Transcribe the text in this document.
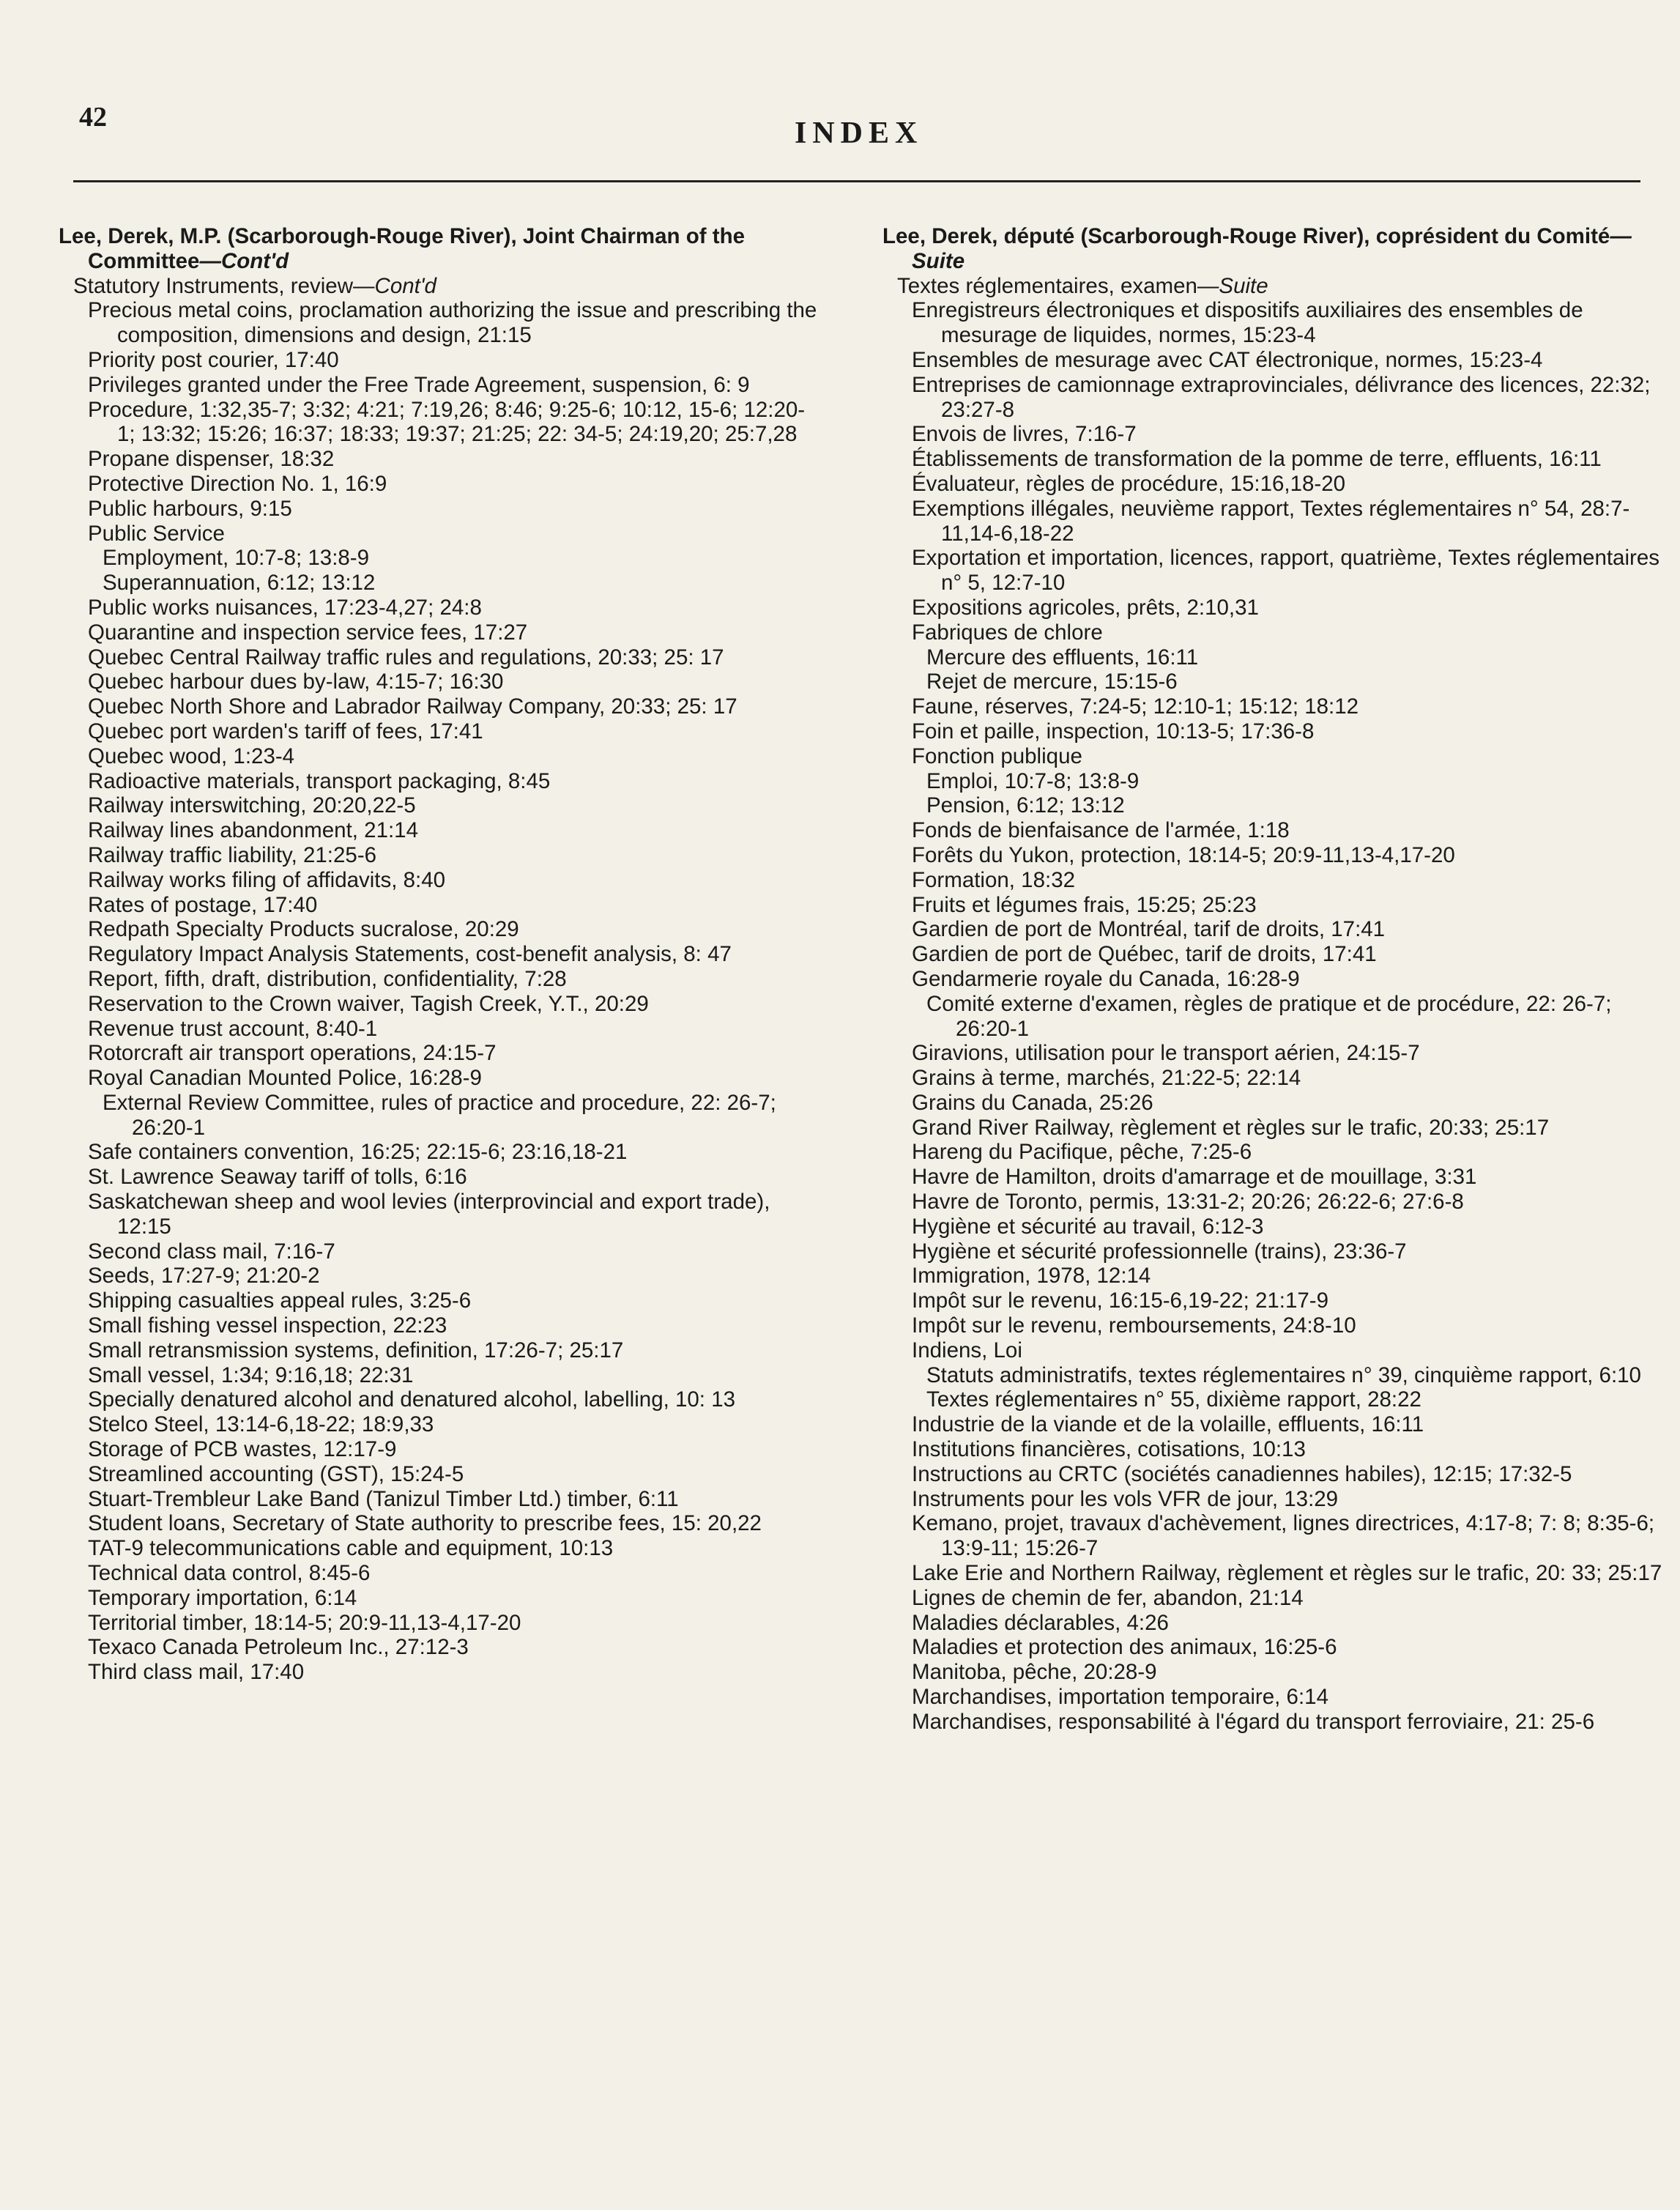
42	INDEX

Lee, Derek, M.P. (Scarborough-Rouge River), Joint Chairman of the Committee—Cont'd

Statutory Instruments, review—Cont'd

Precious metal coins, proclamation authorizing the issue and prescribing the composition, dimensions and design, 21:15

Priority post courier, 17:40

Privileges granted under the Free Trade Agreement, suspension, 6: 9

Procedure, 1:32,35-7; 3:32; 4:21; 7:19,26; 8:46; 9:25-6; 10:12, 15-6; 12:20-1; 13:32; 15:26; 16:37; 18:33; 19:37; 21:25; 22: 34-5; 24:19,20; 25:7,28

Propane dispenser, 18:32

Protective Direction No. 1, 16:9

Public harbours, 9:15

Public Service

Employment, 10:7-8; 13:8-9

Superannuation, 6:12; 13:12

Public works nuisances, 17:23-4,27; 24:8

Quarantine and inspection service fees, 17:27

Quebec Central Railway traffic rules and regulations, 20:33; 25: 17

Quebec harbour dues by-law, 4:15-7; 16:30

Quebec North Shore and Labrador Railway Company, 20:33; 25: 17

Quebec port warden's tariff of fees, 17:41

Quebec wood, 1:23-4

Radioactive materials, transport packaging, 8:45

Railway interswitching, 20:20,22-5

Railway lines abandonment, 21:14

Railway traffic liability, 21:25-6

Railway works filing of affidavits, 8:40

Rates of postage, 17:40

Redpath Specialty Products sucralose, 20:29

Regulatory Impact Analysis Statements, cost-benefit analysis, 8: 47

Report, fifth, draft, distribution, confidentiality, 7:28

Reservation to the Crown waiver, Tagish Creek, Y.T., 20:29

Revenue trust account, 8:40-1

Rotorcraft air transport operations, 24:15-7

Royal Canadian Mounted Police, 16:28-9

External Review Committee, rules of practice and procedure, 22: 26-7; 26:20-1

Safe containers convention, 16:25; 22:15-6; 23:16,18-21

St. Lawrence Seaway tariff of tolls, 6:16

Saskatchewan sheep and wool levies (interprovincial and export trade), 12:15

Second class mail, 7:16-7

Seeds, 17:27-9; 21:20-2

Shipping casualties appeal rules, 3:25-6

Small fishing vessel inspection, 22:23

Small retransmission systems, definition, 17:26-7; 25:17

Small vessel, 1:34; 9:16,18; 22:31

Specially denatured alcohol and denatured alcohol, labelling, 10: 13

Stelco Steel, 13:14-6,18-22; 18:9,33

Storage of PCB wastes, 12:17-9

Streamlined accounting (GST), 15:24-5

Stuart-Trembleur Lake Band (Tanizul Timber Ltd.) timber, 6:11

Student loans, Secretary of State authority to prescribe fees, 15: 20,22

TAT-9 telecommunications cable and equipment, 10:13

Technical data control, 8:45-6

Temporary importation, 6:14

Territorial timber, 18:14-5; 20:9-11,13-4,17-20

Texaco Canada Petroleum Inc., 27:12-3

Third class mail, 17:40

Lee, Derek, député (Scarborough-Rouge River), coprésident du Comité—Suite

Textes réglementaires, examen—Suite

Enregistreurs électroniques et dispositifs auxiliaires des ensembles de mesurage de liquides, normes, 15:23-4

Ensembles de mesurage avec CAT électronique, normes, 15:23-4

Entreprises de camionnage extraprovinciales, délivrance des licences, 22:32; 23:27-8

Envois de livres, 7:16-7

Établissements de transformation de la pomme de terre, effluents, 16:11

Évaluateur, règles de procédure, 15:16,18-20

Exemptions illégales, neuvième rapport, Textes réglementaires n° 54, 28:7-11,14-6,18-22

Exportation et importation, licences, rapport, quatrième, Textes réglementaires n° 5, 12:7-10

Expositions agricoles, prêts, 2:10,31

Fabriques de chlore

Mercure des effluents, 16:11

Rejet de mercure, 15:15-6

Faune, réserves, 7:24-5; 12:10-1; 15:12; 18:12

Foin et paille, inspection, 10:13-5; 17:36-8

Fonction publique

Emploi, 10:7-8; 13:8-9

Pension, 6:12; 13:12

Fonds de bienfaisance de l'armée, 1:18

Forêts du Yukon, protection, 18:14-5; 20:9-11,13-4,17-20

Formation, 18:32

Fruits et légumes frais, 15:25; 25:23

Gardien de port de Montréal, tarif de droits, 17:41

Gardien de port de Québec, tarif de droits, 17:41

Gendarmerie royale du Canada, 16:28-9

Comité externe d'examen, règles de pratique et de procédure, 22: 26-7; 26:20-1

Giravions, utilisation pour le transport aérien, 24:15-7

Grains à terme, marchés, 21:22-5; 22:14

Grains du Canada, 25:26

Grand River Railway, règlement et règles sur le trafic, 20:33; 25:17

Hareng du Pacifique, pêche, 7:25-6

Havre de Hamilton, droits d'amarrage et de mouillage, 3:31

Havre de Toronto, permis, 13:31-2; 20:26; 26:22-6; 27:6-8

Hygiène et sécurité au travail, 6:12-3

Hygiène et sécurité professionnelle (trains), 23:36-7

Immigration, 1978, 12:14

Impôt sur le revenu, 16:15-6,19-22; 21:17-9

Impôt sur le revenu, remboursements, 24:8-10

Indiens, Loi

Statuts administratifs, textes réglementaires n° 39, cinquième rapport, 6:10

Textes réglementaires n° 55, dixième rapport, 28:22

Industrie de la viande et de la volaille, effluents, 16:11

Institutions financières, cotisations, 10:13

Instructions au CRTC (sociétés canadiennes habiles), 12:15; 17:32-5

Instruments pour les vols VFR de jour, 13:29

Kemano, projet, travaux d'achèvement, lignes directrices, 4:17-8; 7: 8; 8:35-6; 13:9-11; 15:26-7

Lake Erie and Northern Railway, règlement et règles sur le trafic, 20: 33; 25:17

Lignes de chemin de fer, abandon, 21:14

Maladies déclarables, 4:26

Maladies et protection des animaux, 16:25-6

Manitoba, pêche, 20:28-9

Marchandises, importation temporaire, 6:14

Marchandises, responsabilité à l'égard du transport ferroviaire, 21: 25-6
